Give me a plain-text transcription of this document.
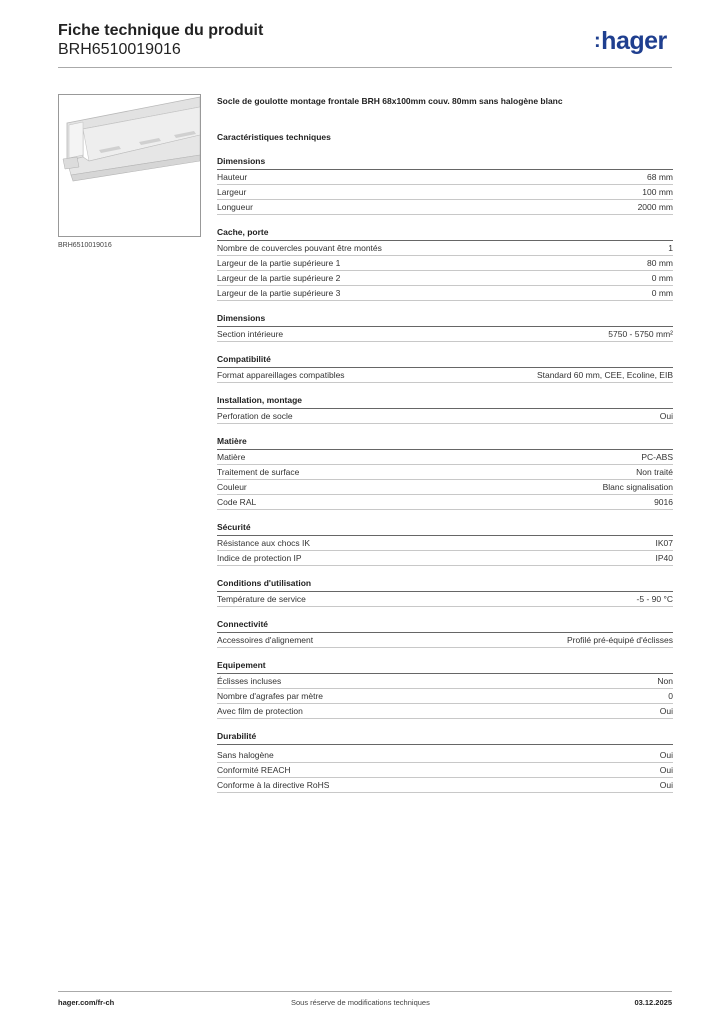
Fiche technique du produit
BRH6510019016	:hager
BRH6510019016
Socle de goulotte montage frontale BRH 68x100mm couv. 80mm sans halogène blanc
Caractéristiques techniques
Dimensions
Hauteur	68 mm
Largeur	100 mm
Longueur	2000 mm
Cache, porte
Nombre de couvercles pouvant être montés	1
Largeur de la partie supérieure 1	80 mm
Largeur de la partie supérieure 2	0 mm
Largeur de la partie supérieure 3	0 mm
Dimensions
Section intérieure	5750 - 5750 mm²
Compatibilité
Format appareillages compatibles	Standard 60 mm, CEE, Ecoline, EIB
Installation, montage
Perforation de socle	Oui
Matière
Matière	PC-ABS
Traitement de surface	Non traité
Couleur	Blanc signalisation
Code RAL	9016
Sécurité
Résistance aux chocs IK	IK07
Indice de protection IP	IP40
Conditions d'utilisation
Température de service	-5 - 90 °C
Connectivité
Accessoires d'alignement	Profilé pré-équipé d'éclisses
Equipement
Éclisses incluses	Non
Nombre d'agrafes par mètre	0
Avec film de protection	Oui
Durabilité
Sans halogène	Oui
Conformité REACH	Oui
Conforme à la directive RoHS	Oui
hager.com/fr-ch	Sous réserve de modifications techniques	03.12.2025
